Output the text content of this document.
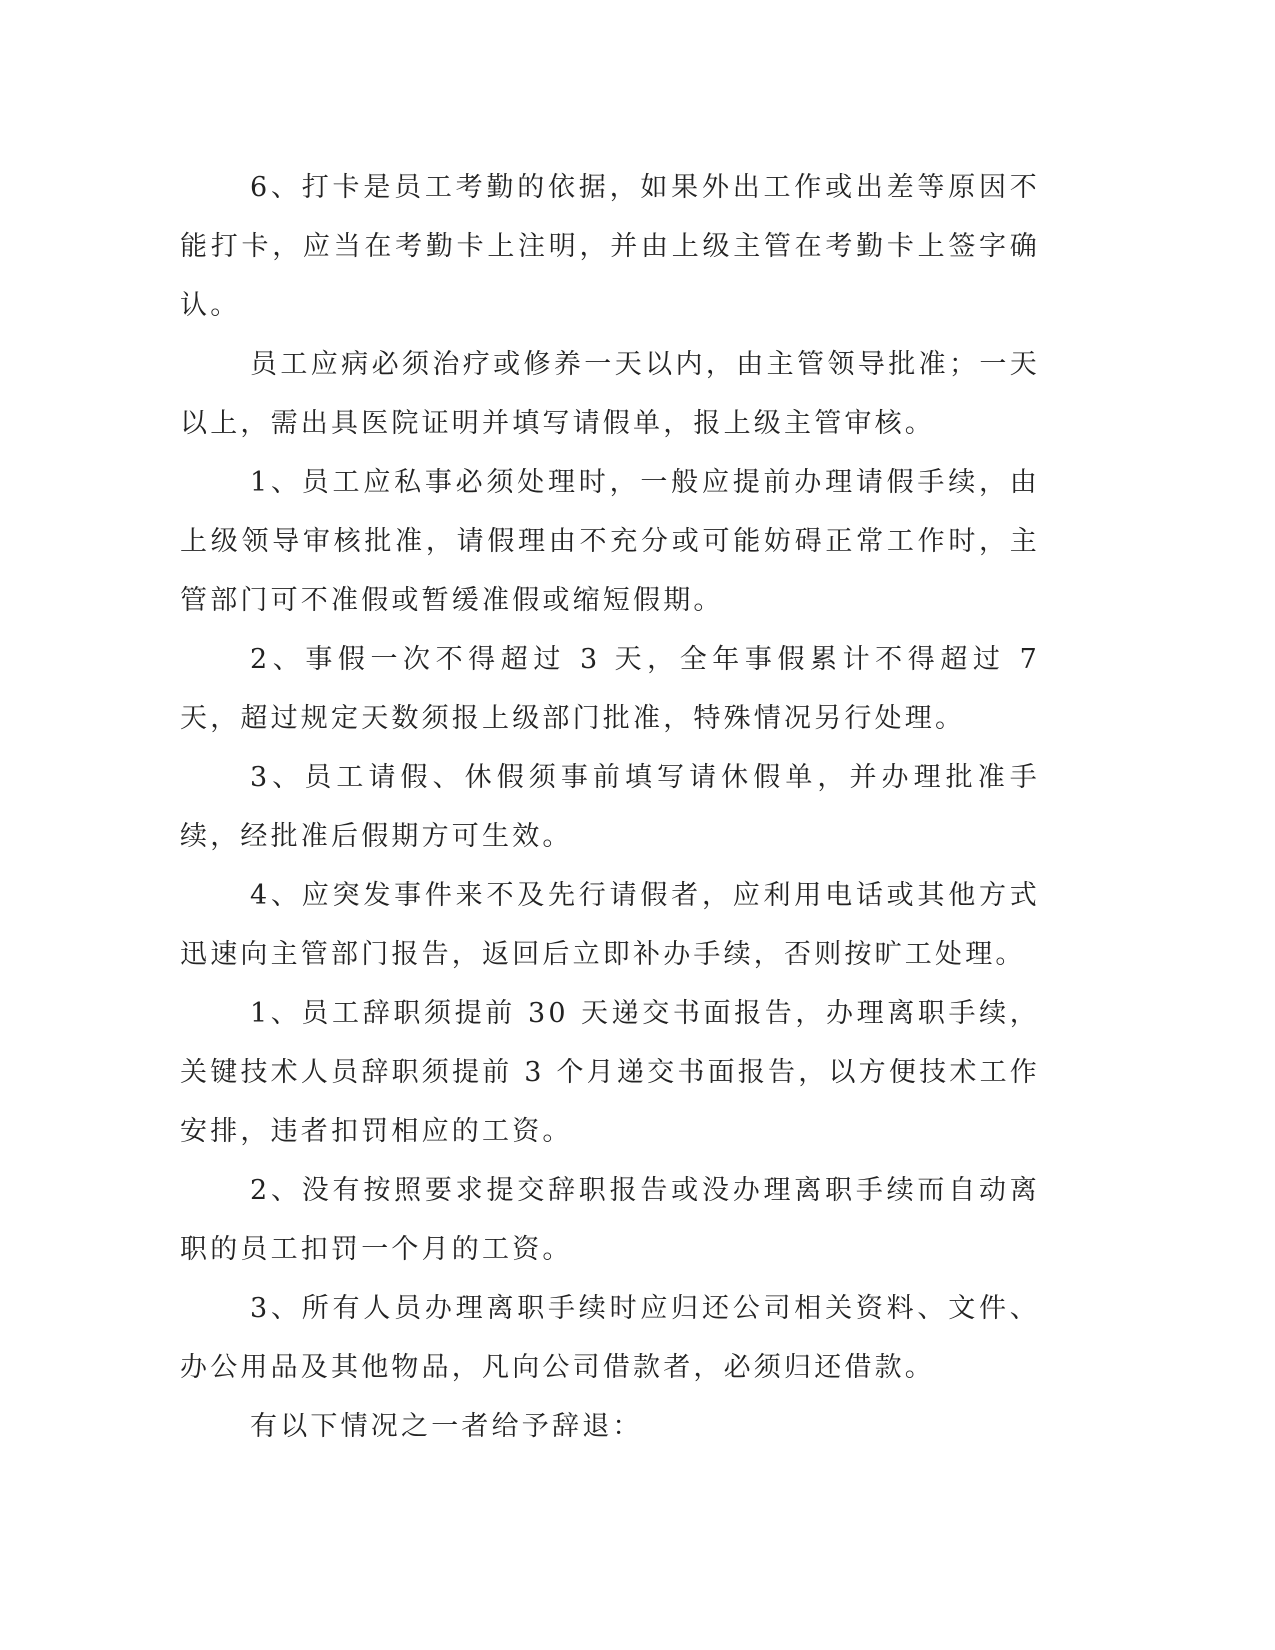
6、打卡是员工考勤的依据，如果外出工作或出差等原因不能打卡，应当在考勤卡上注明，并由上级主管在考勤卡上签字确认。

员工应病必须治疗或修养一天以内，由主管领导批准；一天以上，需出具医院证明并填写请假单，报上级主管审核。

1、员工应私事必须处理时，一般应提前办理请假手续，由上级领导审核批准，请假理由不充分或可能妨碍正常工作时，主管部门可不准假或暂缓准假或缩短假期。

2、事假一次不得超过 3 天，全年事假累计不得超过 7 天，超过规定天数须报上级部门批准，特殊情况另行处理。

3、员工请假、休假须事前填写请休假单，并办理批准手续，经批准后假期方可生效。

4、应突发事件来不及先行请假者，应利用电话或其他方式迅速向主管部门报告，返回后立即补办手续，否则按旷工处理。

1、员工辞职须提前 30 天递交书面报告，办理离职手续，关键技术人员辞职须提前 3 个月递交书面报告，以方便技术工作安排，违者扣罚相应的工资。

2、没有按照要求提交辞职报告或没办理离职手续而自动离职的员工扣罚一个月的工资。

3、所有人员办理离职手续时应归还公司相关资料、文件、办公用品及其他物品，凡向公司借款者，必须归还借款。

有以下情况之一者给予辞退：
